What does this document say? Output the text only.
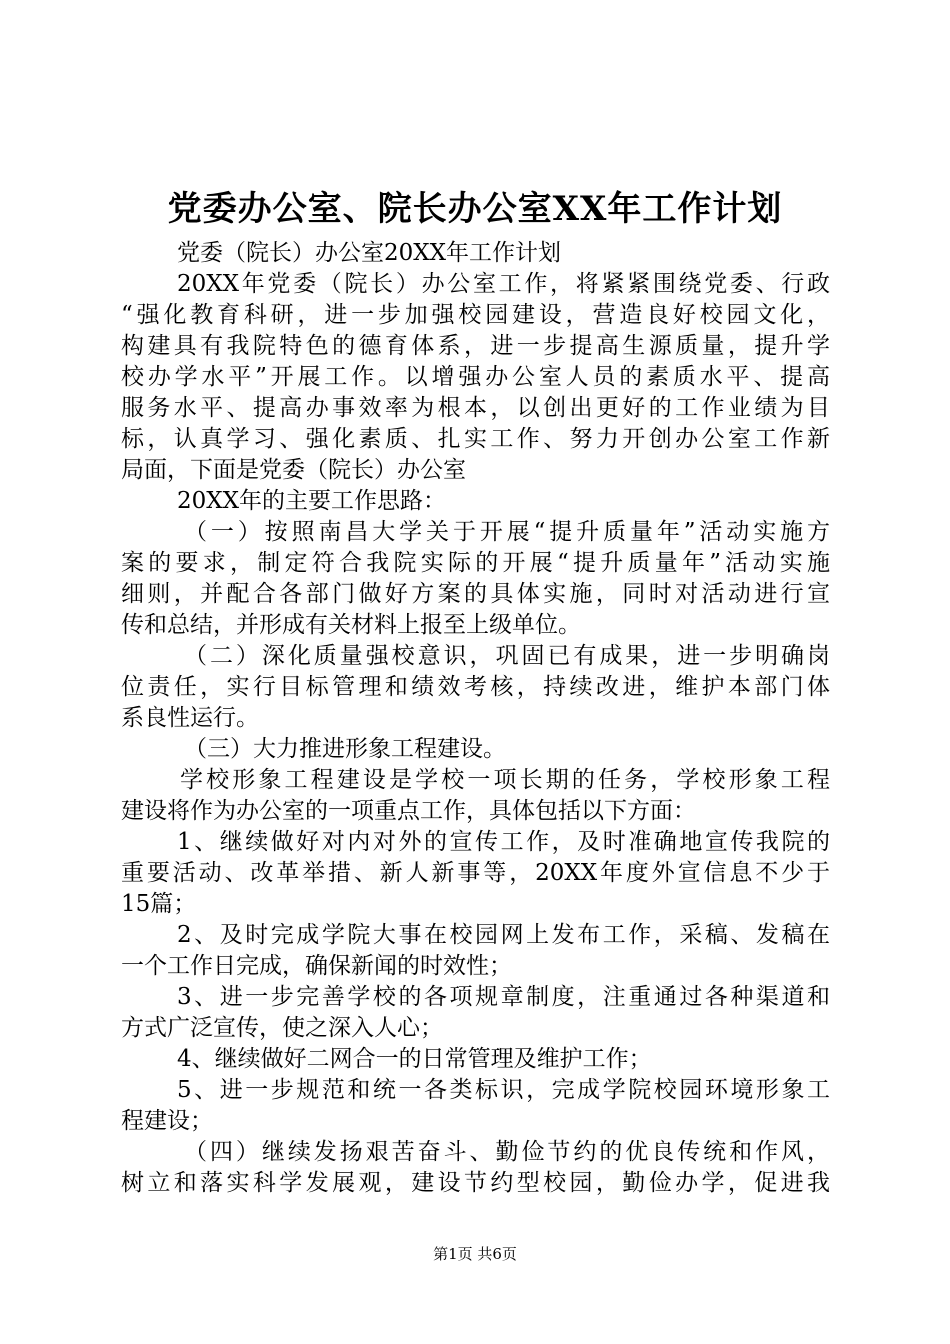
党委办公室、院长办公室XX年工作计划
党委（院长）办公室20XX年工作计划
20XX年党委（院长）办公室工作，将紧紧围绕党委、行政
“强化教育科研，进一步加强校园建设，营造良好校园文化，
构建具有我院特色的德育体系，进一步提高生源质量，提升学
校办学水平”开展工作。以增强办公室人员的素质水平、提高
服务水平、提高办事效率为根本，以创出更好的工作业绩为目
标，认真学习、强化素质、扎实工作、努力开创办公室工作新
局面，下面是党委（院长）办公室
20XX年的主要工作思路：
（一）按照南昌大学关于开展“提升质量年”活动实施方
案的要求，制定符合我院实际的开展“提升质量年”活动实施
细则，并配合各部门做好方案的具体实施，同时对活动进行宣
传和总结，并形成有关材料上报至上级单位。
（二）深化质量强校意识，巩固已有成果，进一步明确岗
位责任，实行目标管理和绩效考核，持续改进，维护本部门体
系良性运行。
（三）大力推进形象工程建设。
学校形象工程建设是学校一项长期的任务，学校形象工程
建设将作为办公室的一项重点工作，具体包括以下方面：
1、继续做好对内对外的宣传工作，及时准确地宣传我院的
重要活动、改革举措、新人新事等，20XX年度外宣信息不少于
15篇；
2、及时完成学院大事在校园网上发布工作，采稿、发稿在
一个工作日完成，确保新闻的时效性；
3、进一步完善学校的各项规章制度，注重通过各种渠道和
方式广泛宣传，使之深入人心；
4、继续做好二网合一的日常管理及维护工作；
5、进一步规范和统一各类标识，完成学院校园环境形象工
程建设；
（四）继续发扬艰苦奋斗、勤俭节约的优良传统和作风，
树立和落实科学发展观，建设节约型校园，勤俭办学，促进我
第1页 共6页
